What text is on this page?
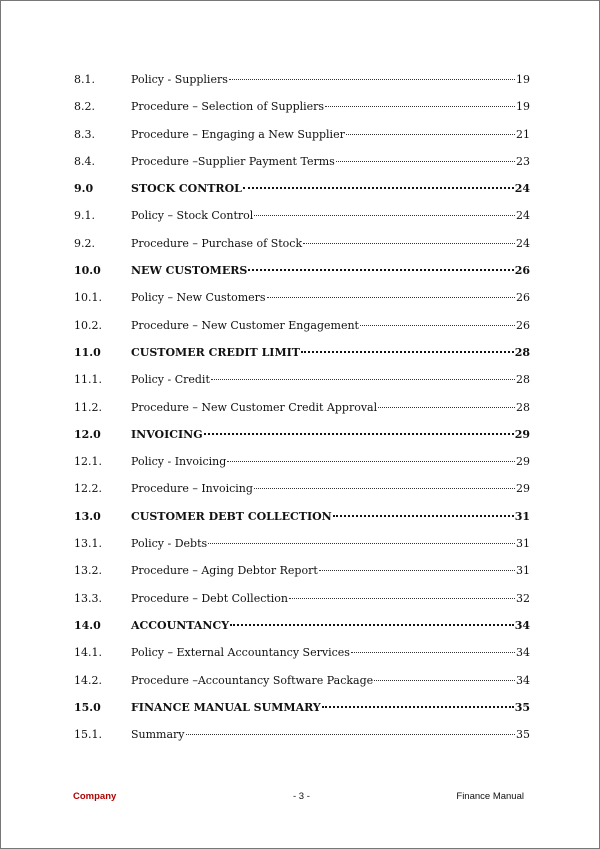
8.1.	Policy - Suppliers	19
8.2.	Procedure – Selection of Suppliers	19
8.3.	Procedure – Engaging a New Supplier	21
8.4.	Procedure –Supplier Payment Terms	23
9.0	STOCK CONTROL	24
9.1.	Policy – Stock Control	24
9.2.	Procedure – Purchase of Stock	24
10.0	NEW CUSTOMERS	26
10.1.	Policy – New Customers	26
10.2.	Procedure – New Customer Engagement	26
11.0	CUSTOMER CREDIT LIMIT	28
11.1.	Policy - Credit	28
11.2.	Procedure – New Customer Credit Approval	28
12.0	INVOICING	29
12.1.	Policy - Invoicing	29
12.2.	Procedure – Invoicing	29
13.0	CUSTOMER DEBT COLLECTION	31
13.1.	Policy - Debts	31
13.2.	Procedure – Aging Debtor Report	31
13.3.	Procedure – Debt Collection	32
14.0	ACCOUNTANCY	34
14.1.	Policy – External Accountancy Services	34
14.2.	Procedure –Accountancy Software Package	34
15.0	FINANCE MANUAL SUMMARY	35
15.1.	Summary	35
Company	- 3 -	Finance Manual
